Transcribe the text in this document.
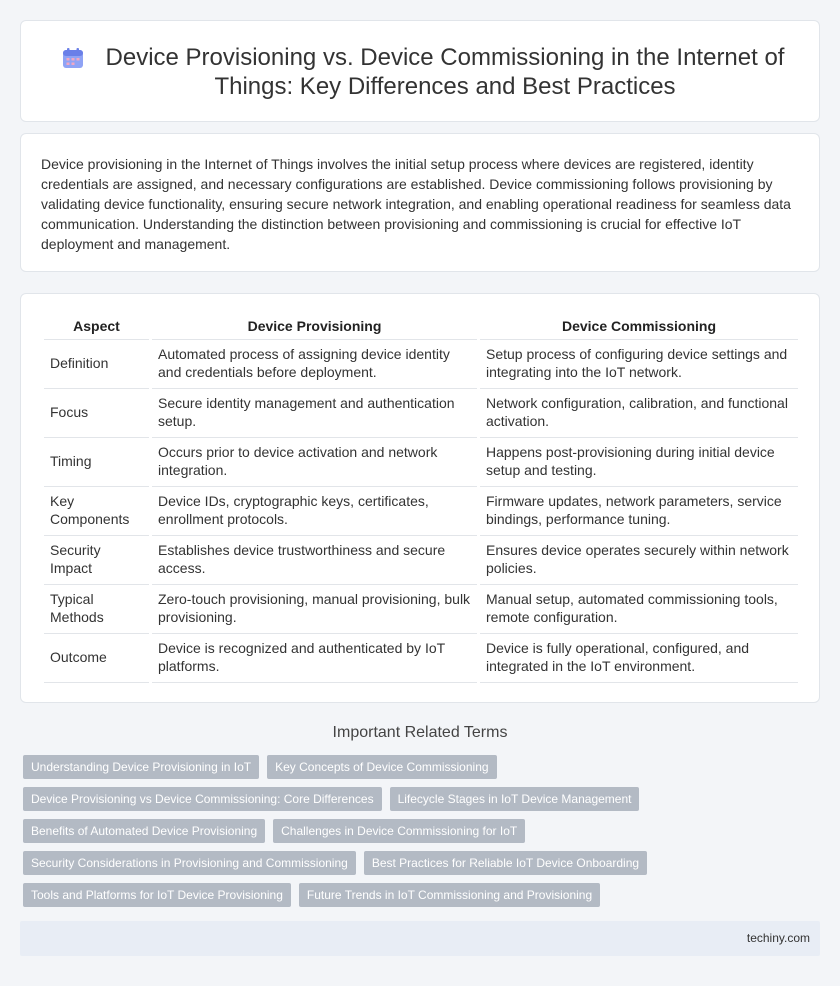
Device Provisioning vs. Device Commissioning in the Internet of Things: Key Differences and Best Practices

Device provisioning in the Internet of Things involves the initial setup process where devices are registered, identity credentials are assigned, and necessary configurations are established. Device commissioning follows provisioning by validating device functionality, ensuring secure network integration, and enabling operational readiness for seamless data communication. Understanding the distinction between provisioning and commissioning is crucial for effective IoT deployment and management.

Aspect	Device Provisioning	Device Commissioning
Definition	Automated process of assigning device identity and credentials before deployment.	Setup process of configuring device settings and integrating into the IoT network.
Focus	Secure identity management and authentication setup.	Network configuration, calibration, and functional activation.
Timing	Occurs prior to device activation and network integration.	Happens post-provisioning during initial device setup and testing.
Key Components	Device IDs, cryptographic keys, certificates, enrollment protocols.	Firmware updates, network parameters, service bindings, performance tuning.
Security Impact	Establishes device trustworthiness and secure access.	Ensures device operates securely within network policies.
Typical Methods	Zero-touch provisioning, manual provisioning, bulk provisioning.	Manual setup, automated commissioning tools, remote configuration.
Outcome	Device is recognized and authenticated by IoT platforms.	Device is fully operational, configured, and integrated in the IoT environment.
Important Related Terms
Understanding Device Provisioning in IoT	Key Concepts of Device Commissioning
Device Provisioning vs Device Commissioning: Core Differences	Lifecycle Stages in IoT Device Management
Benefits of Automated Device Provisioning	Challenges in Device Commissioning for IoT
Security Considerations in Provisioning and Commissioning	Best Practices for Reliable IoT Device Onboarding
Tools and Platforms for IoT Device Provisioning	Future Trends in IoT Commissioning and Provisioning
techiny.com
